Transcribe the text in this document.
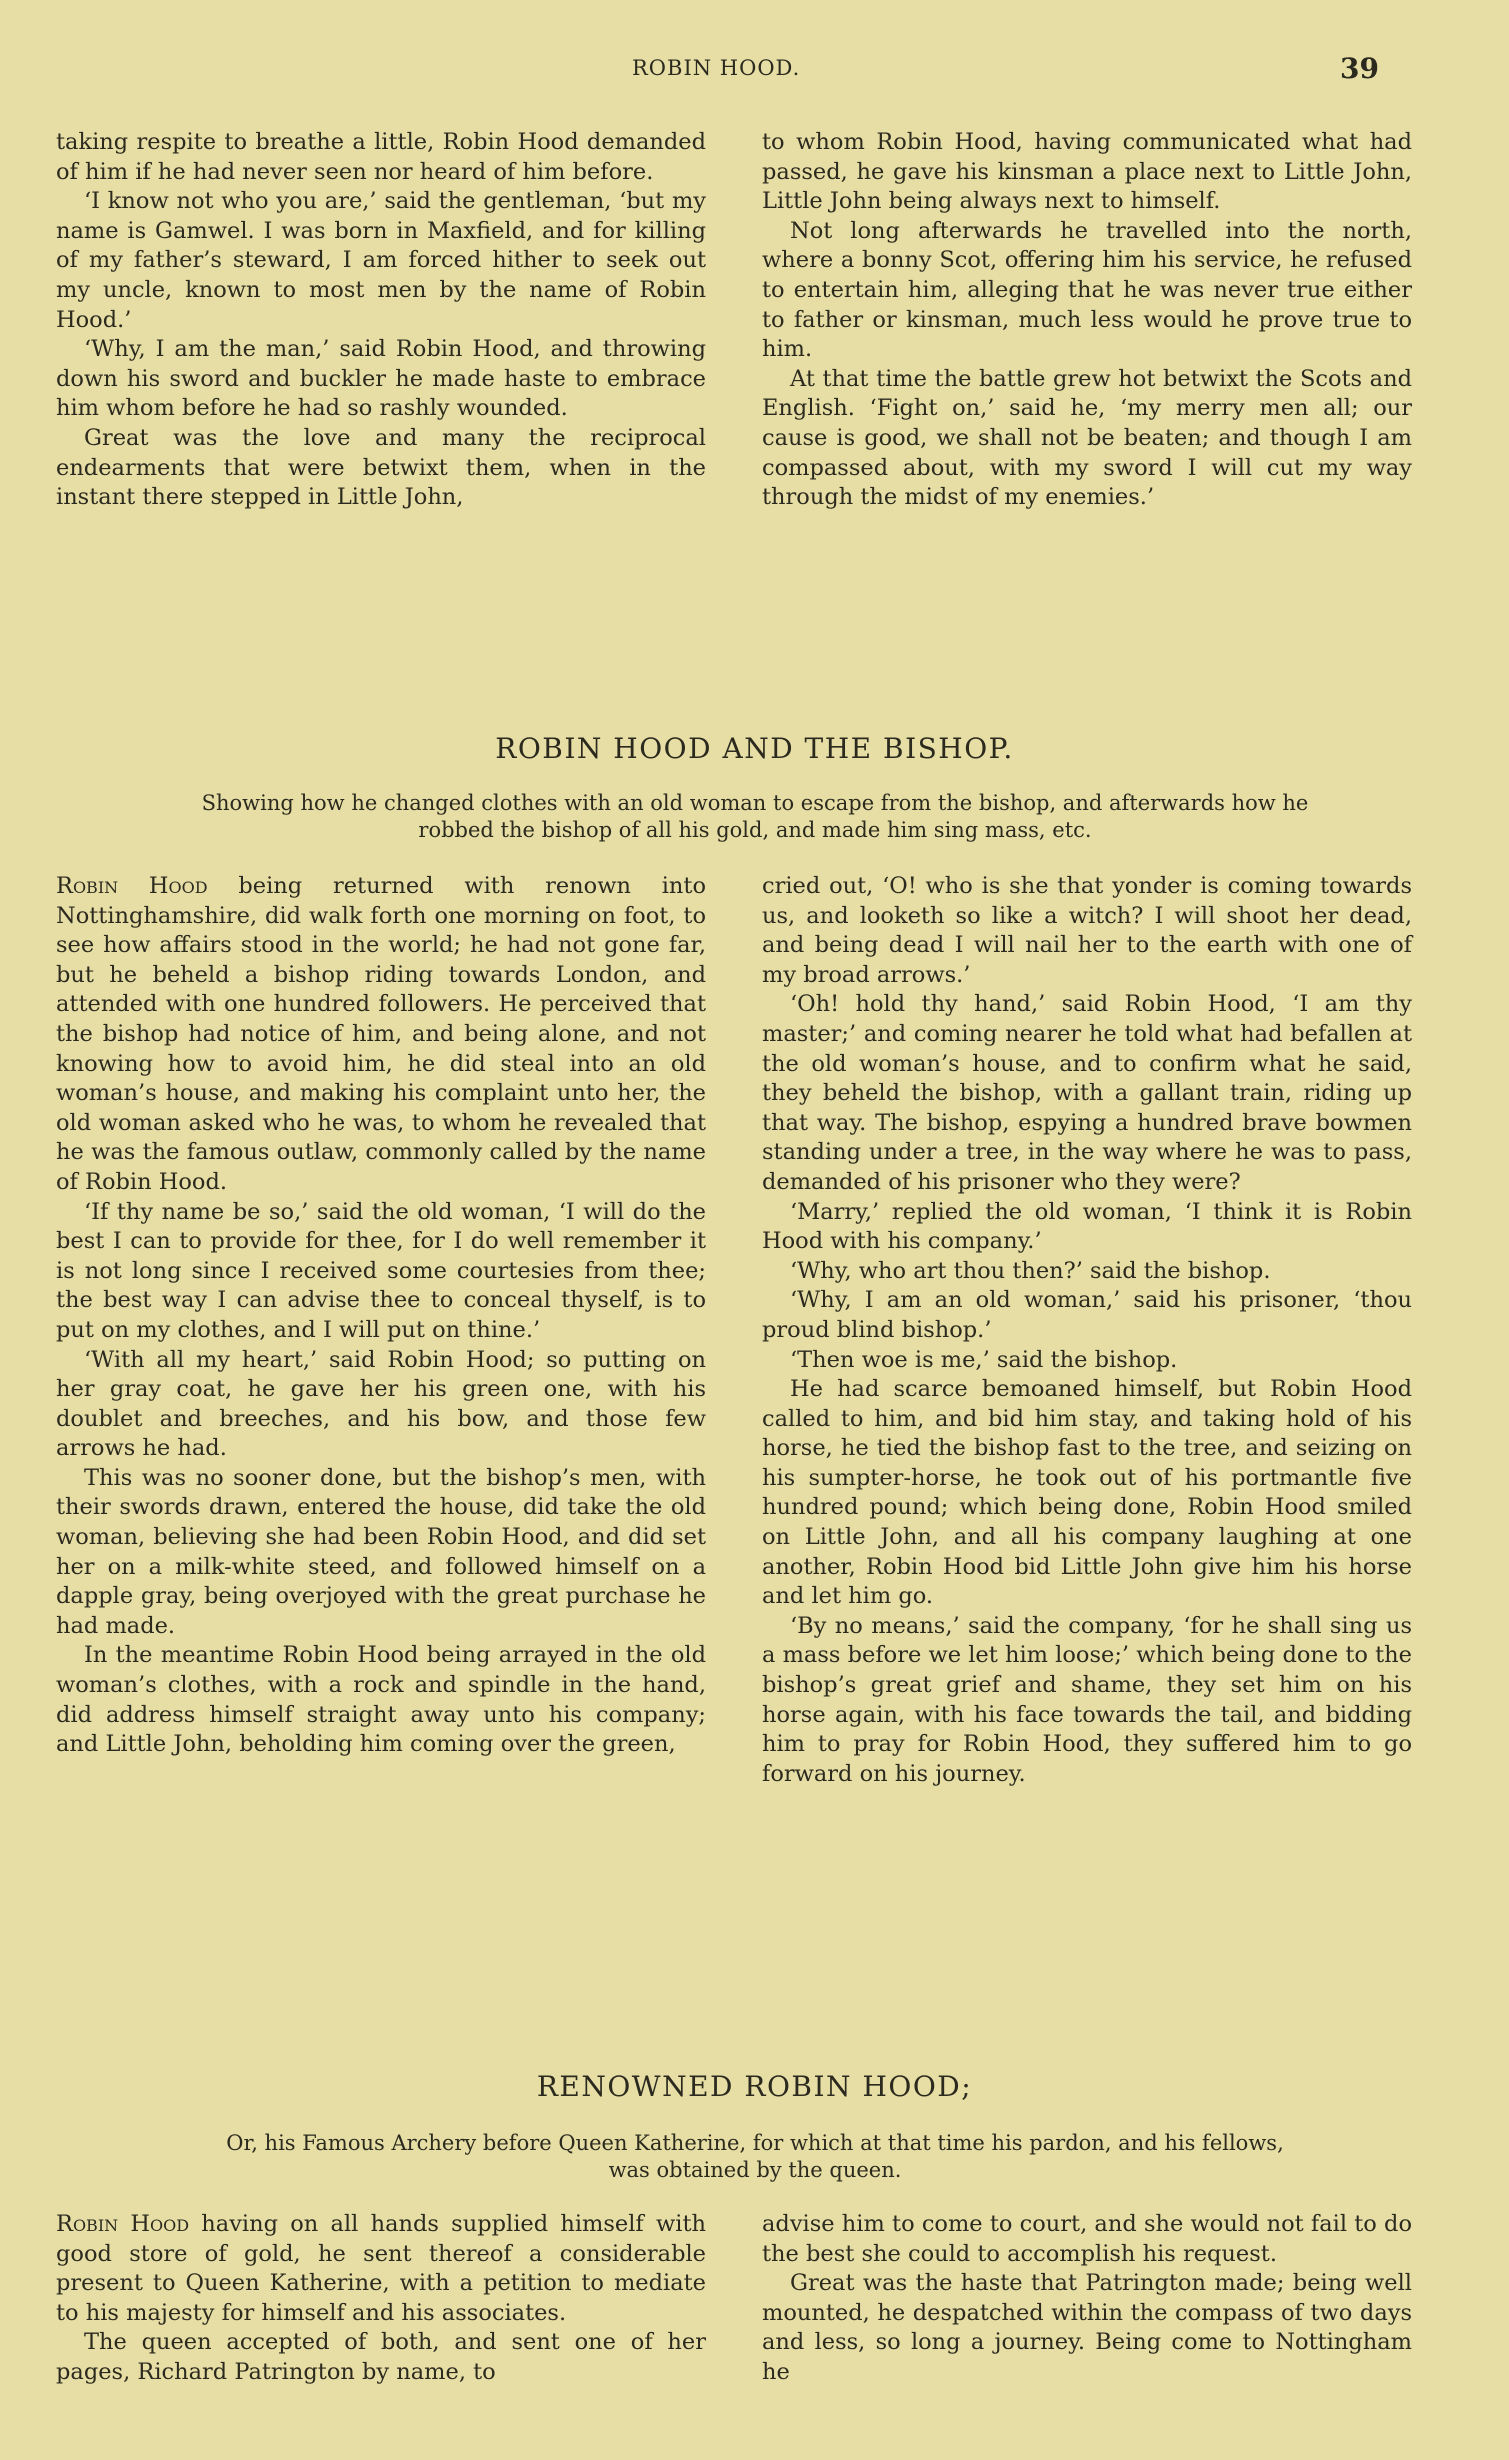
ROBIN HOOD.	39

taking respite to breathe a little, Robin Hood demanded of him if he had never seen nor heard of him before.

‘I know not who you are,’ said the gentleman, ‘but my name is Gamwel. I was born in Maxfield, and for killing of my father’s steward, I am forced hither to seek out my uncle, known to most men by the name of Robin Hood.’

‘Why, I am the man,’ said Robin Hood, and throwing down his sword and buckler he made haste to embrace him whom before he had so rashly wounded.

Great was the love and many the reciprocal endearments that were betwixt them, when in the instant there stepped in Little John,

to whom Robin Hood, having communicated what had passed, he gave his kinsman a place next to Little John, Little John being always next to himself.

Not long afterwards he travelled into the north, where a bonny Scot, offering him his service, he refused to entertain him, alleging that he was never true either to father or kinsman, much less would he prove true to him.

At that time the battle grew hot betwixt the Scots and English. ‘Fight on,’ said he, ‘my merry men all; our cause is good, we shall not be beaten; and though I am compassed about, with my sword I will cut my way through the midst of my enemies.’

ROBIN HOOD AND THE BISHOP.
Showing how he changed clothes with an old woman to escape from the bishop, and afterwards how he
robbed the bishop of all his gold, and made him sing mass, etc.

Robin Hood being returned with renown into Nottinghamshire, did walk forth one morning on foot, to see how affairs stood in the world; he had not gone far, but he beheld a bishop riding towards London, and attended with one hundred followers. He perceived that the bishop had notice of him, and being alone, and not knowing how to avoid him, he did steal into an old woman’s house, and making his complaint unto her, the old woman asked who he was, to whom he revealed that he was the famous outlaw, commonly called by the name of Robin Hood.

‘If thy name be so,’ said the old woman, ‘I will do the best I can to provide for thee, for I do well remember it is not long since I received some courtesies from thee; the best way I can advise thee to conceal thyself, is to put on my clothes, and I will put on thine.’

‘With all my heart,’ said Robin Hood; so putting on her gray coat, he gave her his green one, with his doublet and breeches, and his bow, and those few arrows he had.

This was no sooner done, but the bishop’s men, with their swords drawn, entered the house, did take the old woman, believing she had been Robin Hood, and did set her on a milk-white steed, and followed himself on a dapple gray, being overjoyed with the great purchase he had made.

In the meantime Robin Hood being arrayed in the old woman’s clothes, with a rock and spindle in the hand, did address himself straight away unto his company; and Little John, beholding him coming over the green,

cried out, ‘O! who is she that yonder is coming towards us, and looketh so like a witch? I will shoot her dead, and being dead I will nail her to the earth with one of my broad arrows.’

‘Oh! hold thy hand,’ said Robin Hood, ‘I am thy master;’ and coming nearer he told what had befallen at the old woman’s house, and to confirm what he said, they beheld the bishop, with a gallant train, riding up that way. The bishop, espying a hundred brave bowmen standing under a tree, in the way where he was to pass, demanded of his prisoner who they were?

‘Marry,’ replied the old woman, ‘I think it is Robin Hood with his company.’

‘Why, who art thou then?’ said the bishop.

‘Why, I am an old woman,’ said his prisoner, ‘thou proud blind bishop.’

‘Then woe is me,’ said the bishop.

He had scarce bemoaned himself, but Robin Hood called to him, and bid him stay, and taking hold of his horse, he tied the bishop fast to the tree, and seizing on his sumpter-horse, he took out of his portmantle five hundred pound; which being done, Robin Hood smiled on Little John, and all his company laughing at one another, Robin Hood bid Little John give him his horse and let him go.

‘By no means,’ said the company, ‘for he shall sing us a mass before we let him loose;’ which being done to the bishop’s great grief and shame, they set him on his horse again, with his face towards the tail, and bidding him to pray for Robin Hood, they suffered him to go forward on his journey.

RENOWNED ROBIN HOOD;
Or, his Famous Archery before Queen Katherine, for which at that time his pardon, and his fellows,
was obtained by the queen.

Robin Hood having on all hands supplied himself with good store of gold, he sent thereof a considerable present to Queen Katherine, with a petition to mediate to his majesty for himself and his associates.

The queen accepted of both, and sent one of her pages, Richard Patrington by name, to

advise him to come to court, and she would not fail to do the best she could to accomplish his request.

Great was the haste that Patrington made; being well mounted, he despatched within the compass of two days and less, so long a journey. Being come to Nottingham he
